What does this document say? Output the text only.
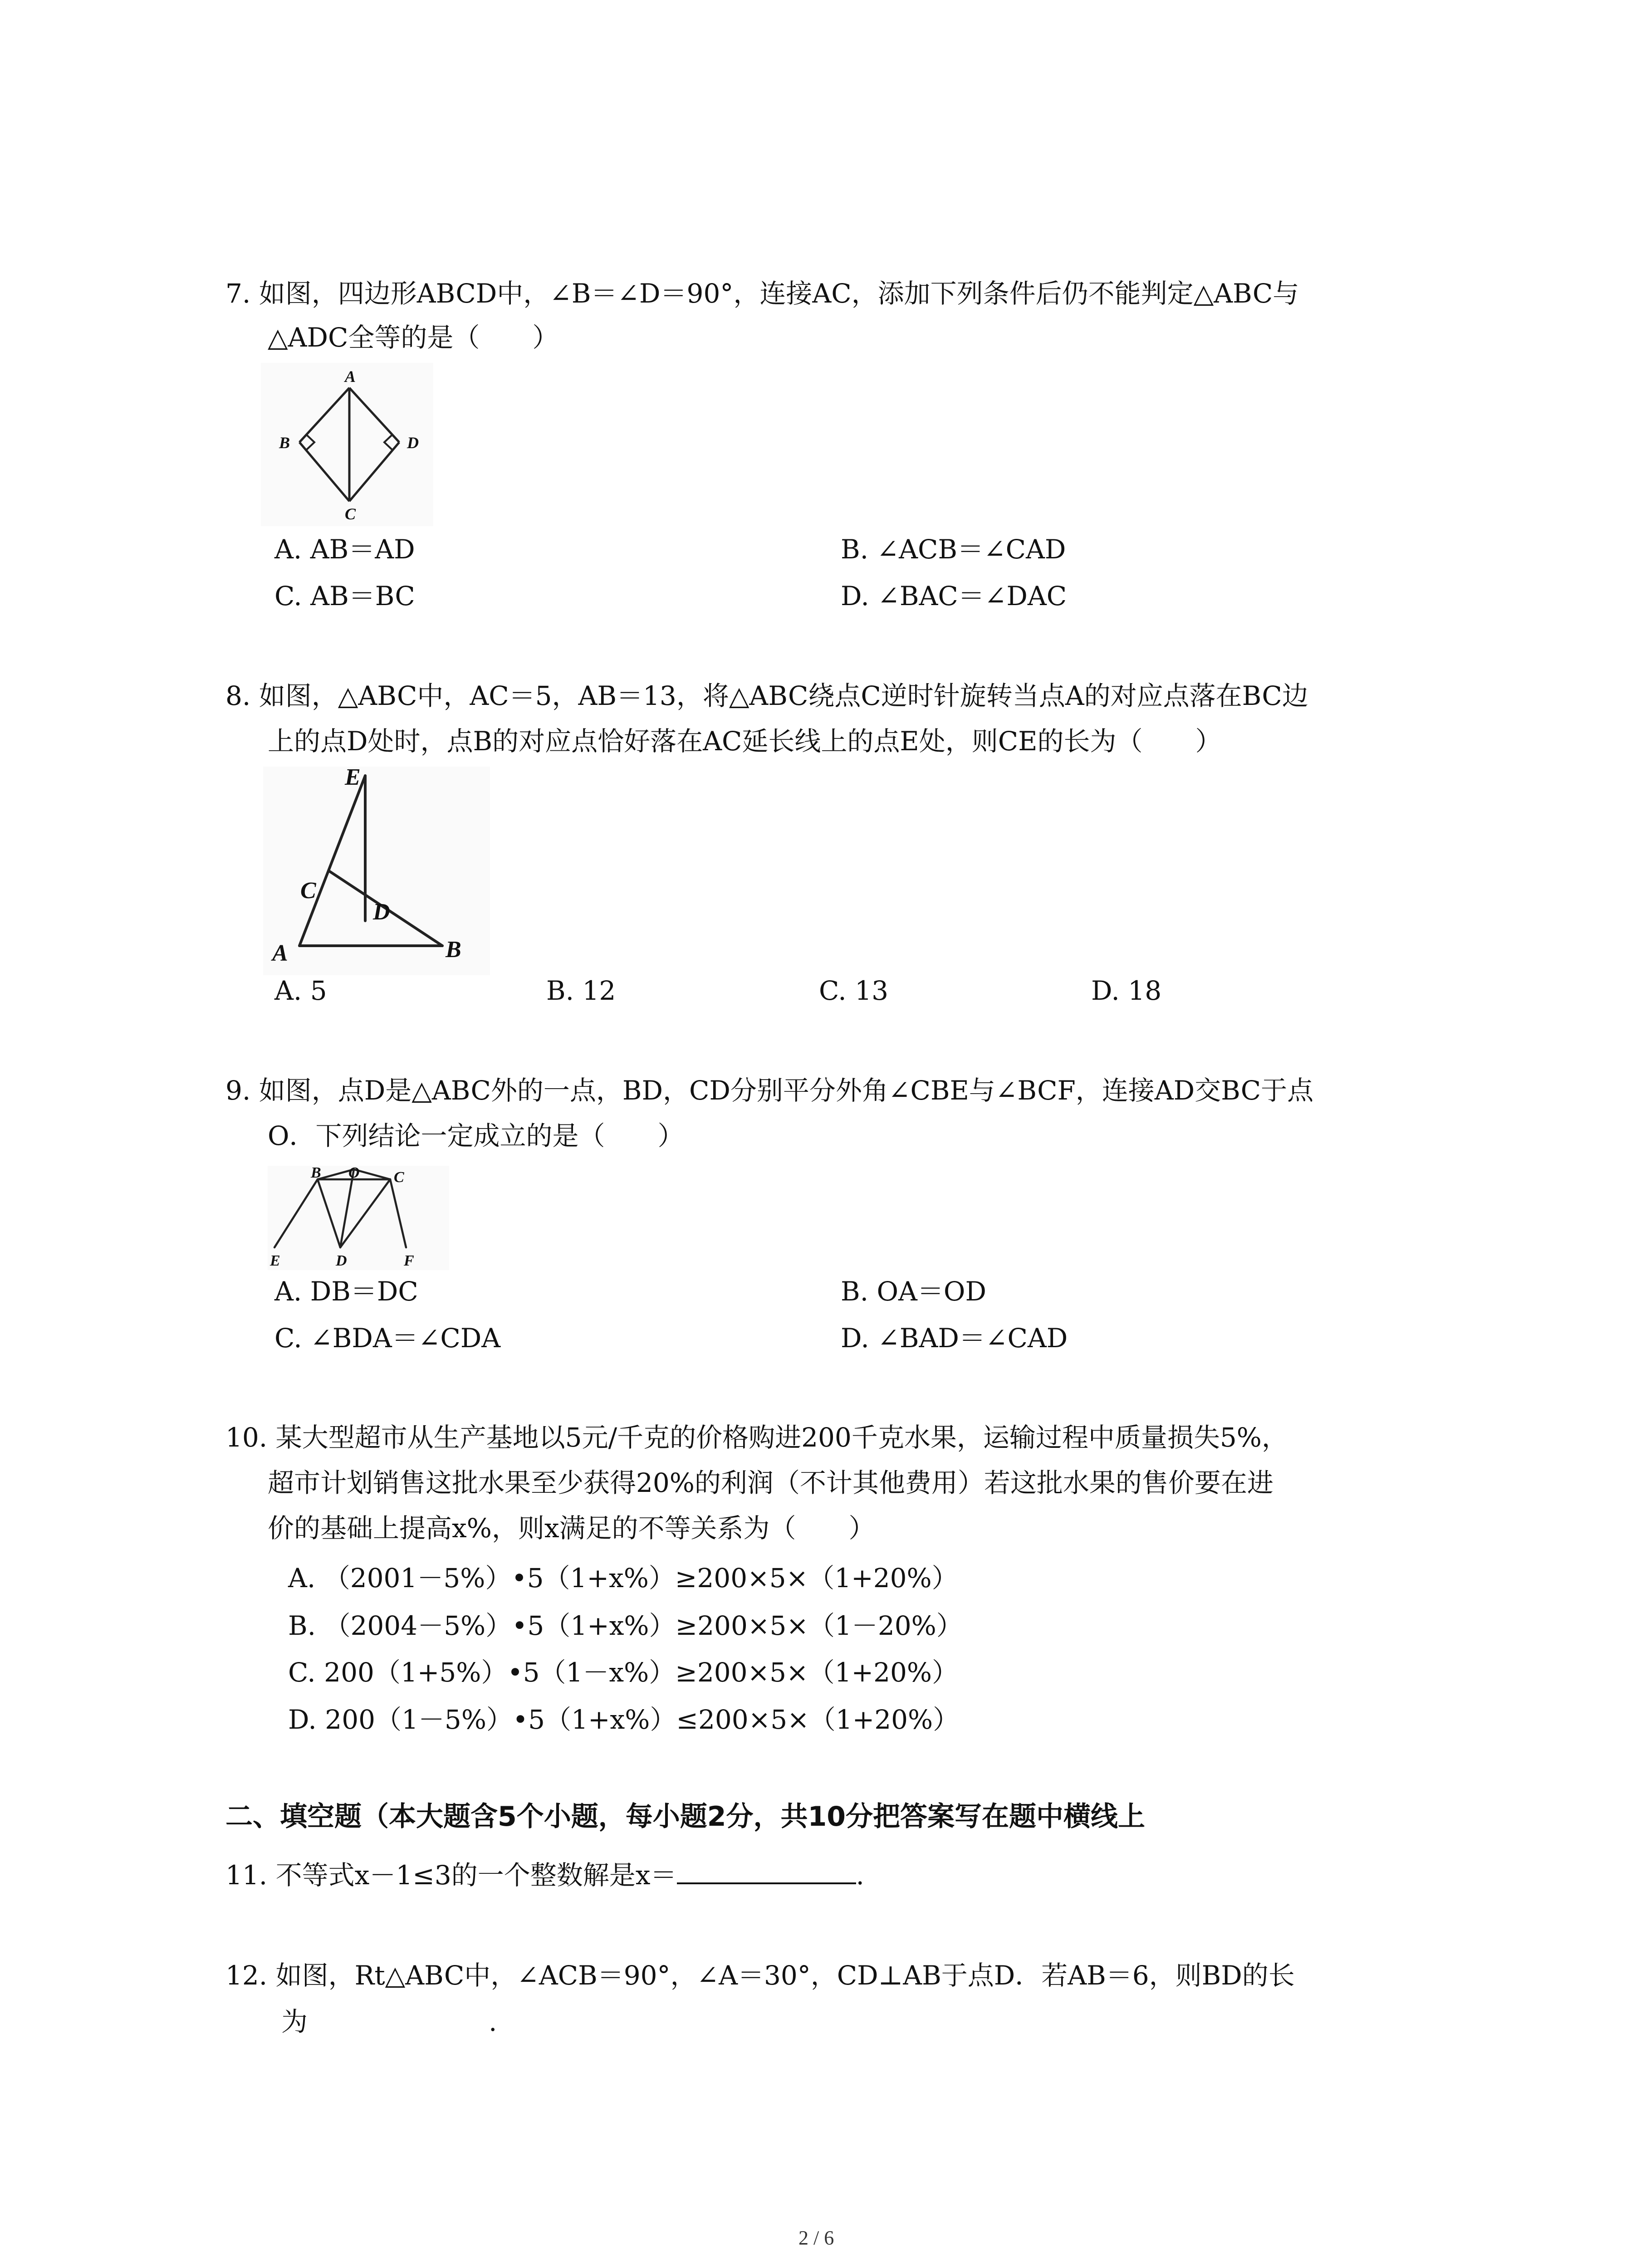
7. 如图，四边形ABCD中，∠B＝∠D＝90°，连接AC，添加下列条件后仍不能判定△ABC与
△ADC全等的是（　　）
A
B	D
C
A. AB＝AD	B. ∠ACB＝∠CAD
C. AB＝BC	D. ∠BAC＝∠DAC
8. 如图，△ABC中，AC＝5，AB＝13，将△ABC绕点C逆时针旋转当点A的对应点落在BC边
上的点D处时，点B的对应点恰好落在AC延长线上的点E处，则CE的长为（　　）
E
C
D
A	B
A. 5	B. 12	C. 13	D. 18
9. 如图，点D是△ABC外的一点，BD，CD分别平分外角∠CBE与∠BCF，连接AD交BC于点
O．下列结论一定成立的是（　　）
B O C
E	D	F
A. DB＝DC	B. OA＝OD
C. ∠BDA＝∠CDA	D. ∠BAD＝∠CAD
10. 某大型超市从生产基地以5元/千克的价格购进200千克水果，运输过程中质量损失5%，
超市计划销售这批水果至少获得20%的利润（不计其他费用）若这批水果的售价要在进
价的基础上提高x%，则x满足的不等关系为（　　）
A. （2001－5%）•5（1+x%）≥200×5×（1+20%）
B. （2004－5%）•5（1+x%）≥200×5×（1－20%）
C. 200（1+5%）•5（1－x%）≥200×5×（1+20%）
D. 200（1－5%）•5（1+x%）≤200×5×（1+20%）
二、填空题（本大题含5个小题，每小题2分，共10分把答案写在题中横线上
11. 不等式x－1≤3的一个整数解是x＝	.
12. 如图，Rt△ABC中，∠ACB＝90°，∠A＝30°，CD⊥AB于点D．若AB＝6，则BD的长
为	.
2 / 6
